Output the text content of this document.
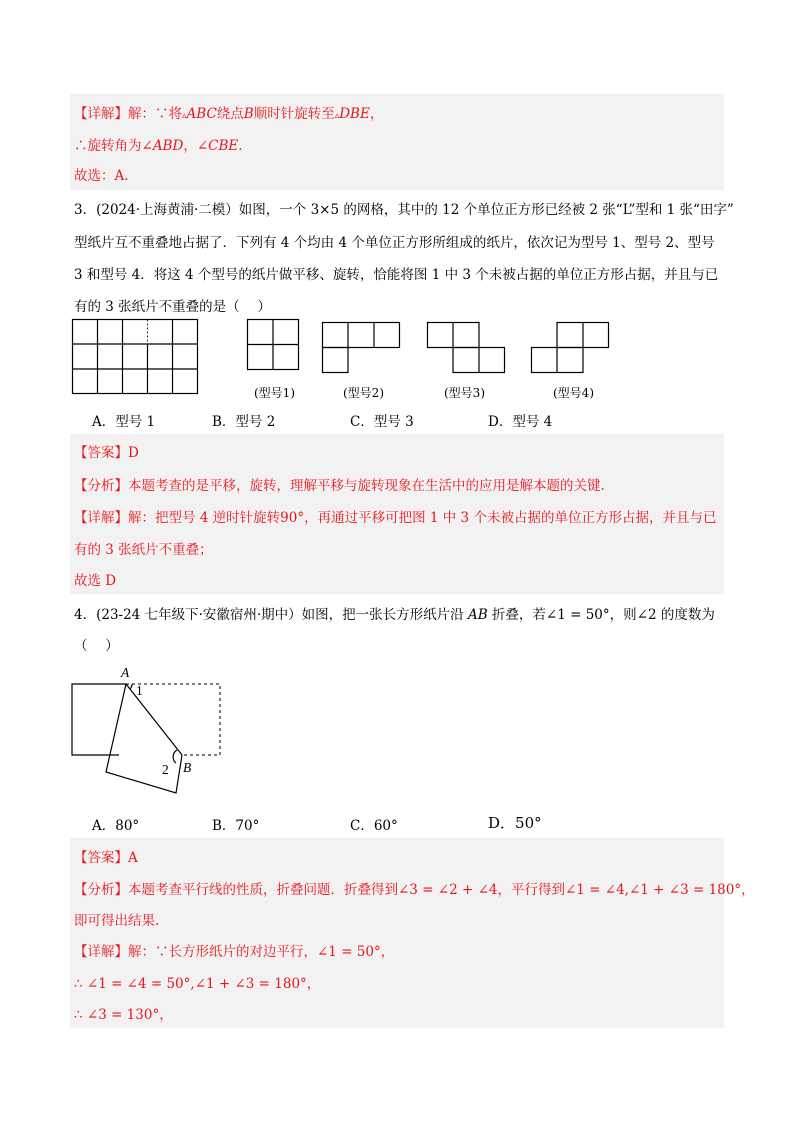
【详解】解：∵将▵ABC绕点B顺时针旋转至▵DBE，
∴旋转角为∠ABD，∠CBE.
故选：A.
3．(2024·上海黄浦·二模）如图，一个 3×5 的网格，其中的 12 个单位正方形已经被 2 张“L”型和 1 张“田字”
型纸片互不重叠地占据了．下列有 4 个均由 4 个单位正方形所组成的纸片，依次记为型号 1、型号 2、型号
3 和型号 4．将这 4 个型号的纸片做平移、旋转，恰能将图 1 中 3 个未被占据的单位正方形占据，并且与已
有的 3 张纸片不重叠的是（　 ）
(型号1)	(型号2)	(型号3)	(型号4)
A．型号 1	B．型号 2	C．型号 3	D．型号 4
【答案】D
【分析】本题考查的是平移，旋转，理解平移与旋转现象在生活中的应用是解本题的关键.
【详解】解：把型号 4 逆时针旋转90°，再通过平移可把图 1 中 3 个未被占据的单位正方形占据，并且与已
有的 3 张纸片不重叠；
故选 D
4．(23-24 七年级下·安徽宿州·期中）如图，把一张长方形纸片沿 AB 折叠，若∠1 = 50°，则∠2 的度数为
（　 ）
A
1
2 B
A．80°	B．70°	C．60°	D．50°
【答案】A
【分析】本题考查平行线的性质，折叠问题．折叠得到∠3 = ∠2 + ∠4，平行得到∠1 = ∠4,∠1 + ∠3 = 180°，
即可得出结果.
【详解】解：∵长方形纸片的对边平行，∠1 = 50°，
∴ ∠1 = ∠4 = 50°,∠1 + ∠3 = 180°，
∴ ∠3 = 130°，
